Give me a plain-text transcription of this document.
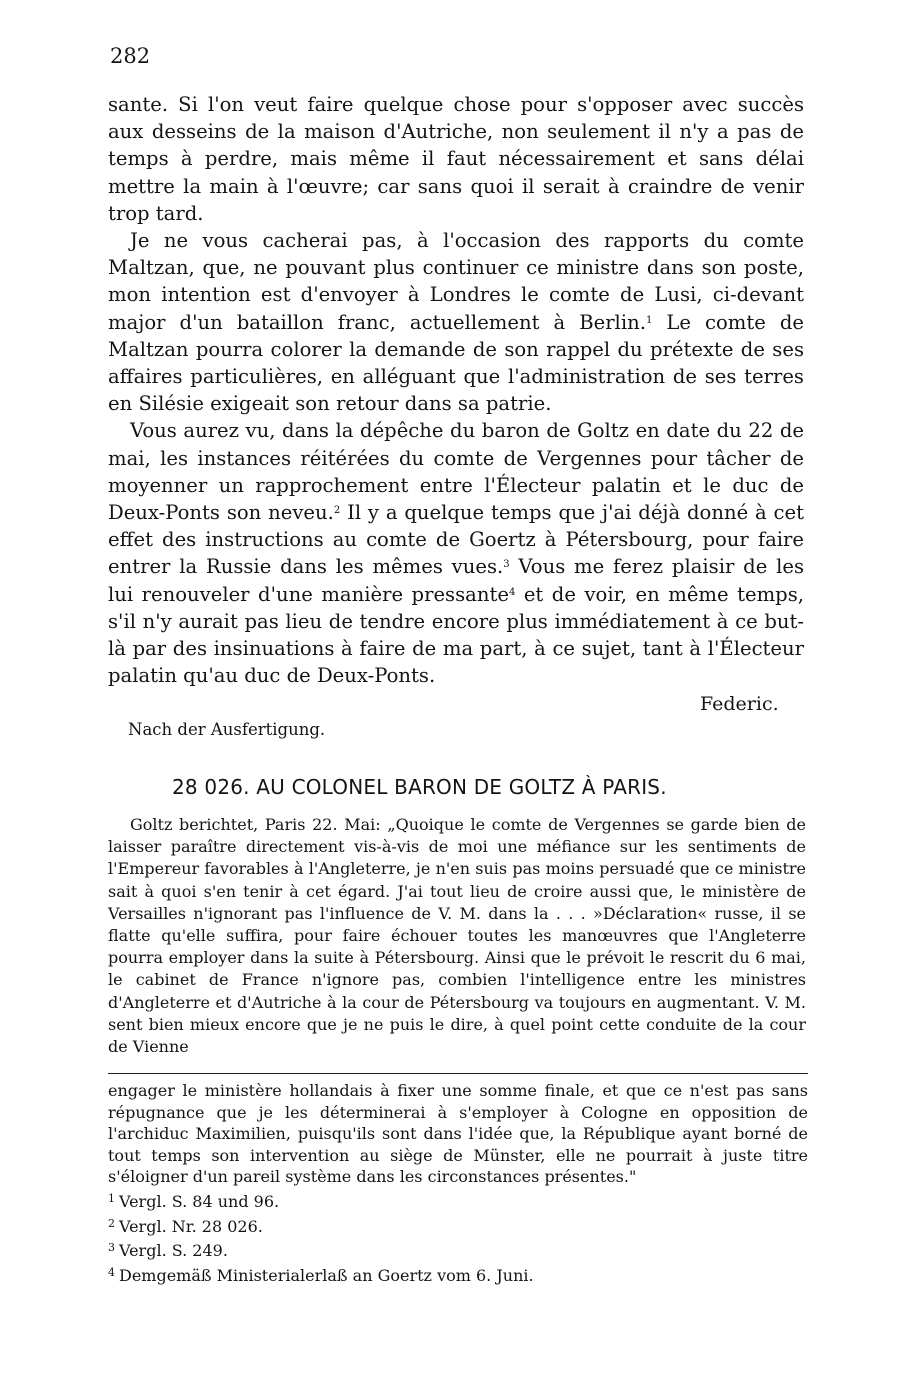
282

sante. Si l'on veut faire quelque chose pour s'opposer avec succès aux desseins de la maison d'Autriche, non seulement il n'y a pas de temps à perdre, mais même il faut nécessairement et sans délai mettre la main à l'œuvre; car sans quoi il serait à craindre de venir trop tard.

Je ne vous cacherai pas, à l'occasion des rapports du comte Maltzan, que, ne pouvant plus continuer ce ministre dans son poste, mon intention est d'envoyer à Londres le comte de Lusi, ci-devant major d'un bataillon franc, actuellement à Berlin.$^1$ Le comte de Maltzan pourra colorer la demande de son rappel du prétexte de ses affaires particulières, en alléguant que l'administration de ses terres en Silésie exigeait son retour dans sa patrie.

Vous aurez vu, dans la dépêche du baron de Goltz en date du 22 de mai, les instances réitérées du comte de Vergennes pour tâcher de moyenner un rapprochement entre l'Électeur palatin et le duc de Deux-Ponts son neveu.$^2$ Il y a quelque temps que j'ai déjà donné à cet effet des instructions au comte de Goertz à Pétersbourg, pour faire entrer la Russie dans les mêmes vues.$^3$ Vous me ferez plaisir de les lui renouveler d'une manière pressante$^4$ et de voir, en même temps, s'il n'y aurait pas lieu de tendre encore plus immédiatement à ce but-là par des insinuations à faire de ma part, à ce sujet, tant à l'Électeur palatin qu'au duc de Deux-Ponts.

Federic.
Nach der Ausfertigung.
28 026. AU COLONEL BARON DE GOLTZ À PARIS.

Goltz berichtet, Paris 22. Mai: „Quoique le comte de Vergennes se garde bien de laisser paraître directement vis-à-vis de moi une méfiance sur les sentiments de l'Empereur favorables à l'Angleterre, je n'en suis pas moins persuadé que ce ministre sait à quoi s'en tenir à cet égard. J'ai tout lieu de croire aussi que, le ministère de Versailles n'ignorant pas l'influence de V. M. dans la . . . »Déclaration« russe, il se flatte qu'elle suffira, pour faire échouer toutes les manœuvres que l'Angleterre pourra employer dans la suite à Pétersbourg. Ainsi que le prévoit le rescrit du 6 mai, le cabinet de France n'ignore pas, combien l'intelligence entre les ministres d'Angleterre et d'Autriche à la cour de Pétersbourg va toujours en augmentant. V. M. sent bien mieux encore que je ne puis le dire, à quel point cette conduite de la cour de Vienne

engager le ministère hollandais à fixer une somme finale, et que ce n'est pas sans répugnance que je les déterminerai à s'employer à Cologne en opposition de l'archiduc Maximilien, puisqu'ils sont dans l'idée que, la République ayant borné de tout temps son intervention au siège de Münster, elle ne pourrait à juste titre s'éloigner d'un pareil système dans les circonstances présentes."

$^1$ Vergl. S. 84 und 96.

$^2$ Vergl. Nr. 28 026.

$^3$ Vergl. S. 249.

$^4$ Demgemäß Ministerialerlaß an Goertz vom 6. Juni.
